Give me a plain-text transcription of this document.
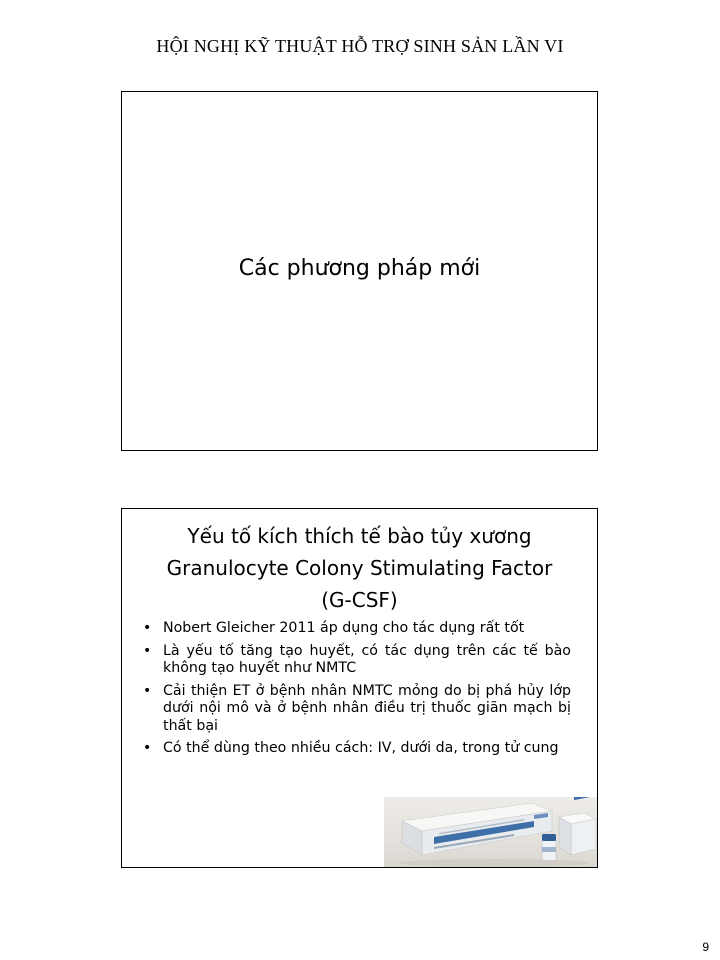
HỘI NGHỊ KỸ THUẬT HỖ TRỢ SINH SẢN LẦN VI
Các phương pháp mới
Yếu tố kích thích tế bào tủy xương
Granulocyte Colony Stimulating Factor
(G-CSF)
• Nobert Gleicher 2011 áp dụng cho tác dụng rất tốt
• Là yếu tố tăng tạo huyết, có tác dụng trên các tế bào không tạo huyết như NMTC
• Cải thiện ET ở bệnh nhân NMTC mỏng do bị phá hủy lớp dưới nội mô và ở bệnh nhân điều trị thuốc giãn mạch bị thất bại
• Có thể dùng theo nhiều cách: IV, dưới da, trong tử cung
9
